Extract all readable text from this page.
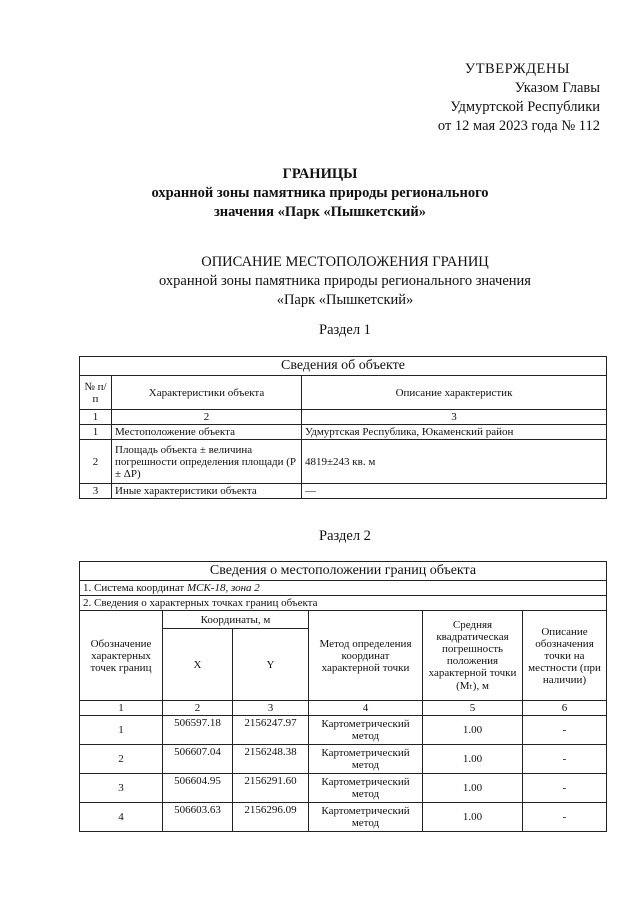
УТВЕРЖДЕНЫ
Указом Главы
Удмуртской Республики
от 12 мая 2023 года № 112
ГРАНИЦЫ
охранной зоны памятника природы регионального
значения «Парк «Пышкетский»
ОПИСАНИЕ МЕСТОПОЛОЖЕНИЯ ГРАНИЦ
охранной зоны памятника природы регионального значения
«Парк «Пышкетский»
Раздел 1
Сведения об объекте		
№ п/п	Характеристики объекта	Описание характеристик
1	2	3
1	Местоположение объекта	Удмуртская Республика, Юкаменский район
2	Площадь объекта ± величина погрешности определения площади (P ± ΔP)	4819±243 кв. м
3	Иные характеристики объекта	—
Раздел 2
Сведения о местоположении границ объекта					
1. Система координат МСК-18, зона 2					
2. Сведения о характерных точках границ объекта					
Обозначение характерных точек границ	Координаты, м		Метод определения координат характерной точки	Средняя квадратическая погрешность положения характерной точки (Mₜ), м	Описание обозначения точки на местности (при наличии)
	X	Y			
1	2	3	4	5	6
1	506597.18	2156247.97	Картометрический метод	1.00	-
2	506607.04	2156248.38	Картометрический метод	1.00	-
3	506604.95	2156291.60	Картометрический метод	1.00	-
4	506603.63	2156296.09	Картометрический метод	1.00	-
